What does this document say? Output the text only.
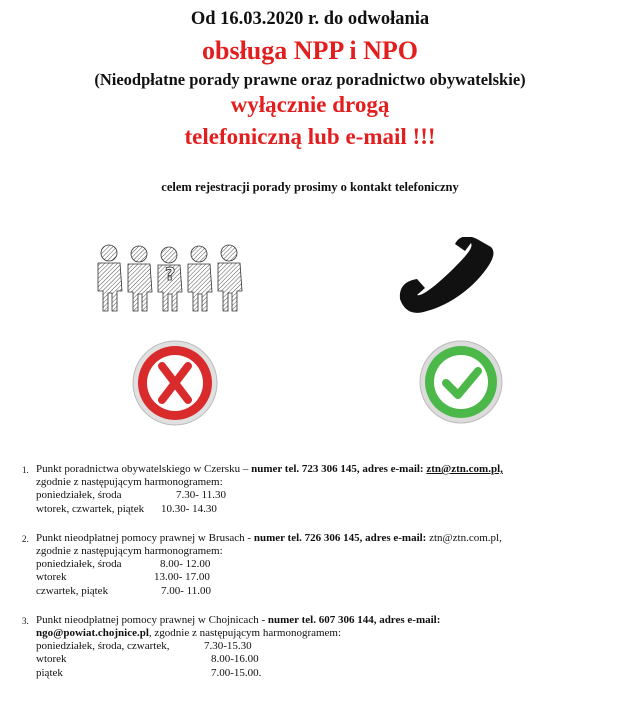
Od 16.03.2020 r. do odwołania
obsługa NPP i NPO
(Nieodpłatne porady prawne oraz poradnictwo obywatelskie)
wyłącznie drogą
telefoniczną lub e-mail !!!
celem rejestracji porady prosimy o kontakt telefoniczny
?
1. Punkt poradnictwa obywatelskiego w Czersku – numer tel. 723 306 145, adres e-mail: ztn@ztn.com.pl,
zgodnie z następującym harmonogramem:
poniedziałek, środa	7.30- 11.30
wtorek, czwartek, piątek	10.30- 14.30
2. Punkt nieodpłatnej pomocy prawnej w Brusach - numer tel. 726 306 145, adres e-mail: ztn@ztn.com.pl,
zgodnie z następującym harmonogramem:
poniedziałek, środa	8.00- 12.00
wtorek	13.00- 17.00
czwartek, piątek	7.00- 11.00
3. Punkt nieodpłatnej pomocy prawnej w Chojnicach - numer tel. 607 306 144, adres e-mail:
ngo@powiat.chojnice.pl, zgodnie z następującym harmonogramem:
poniedziałek, środa, czwartek,	7.30-15.30
wtorek	8.00-16.00
piątek	7.00-15.00.
